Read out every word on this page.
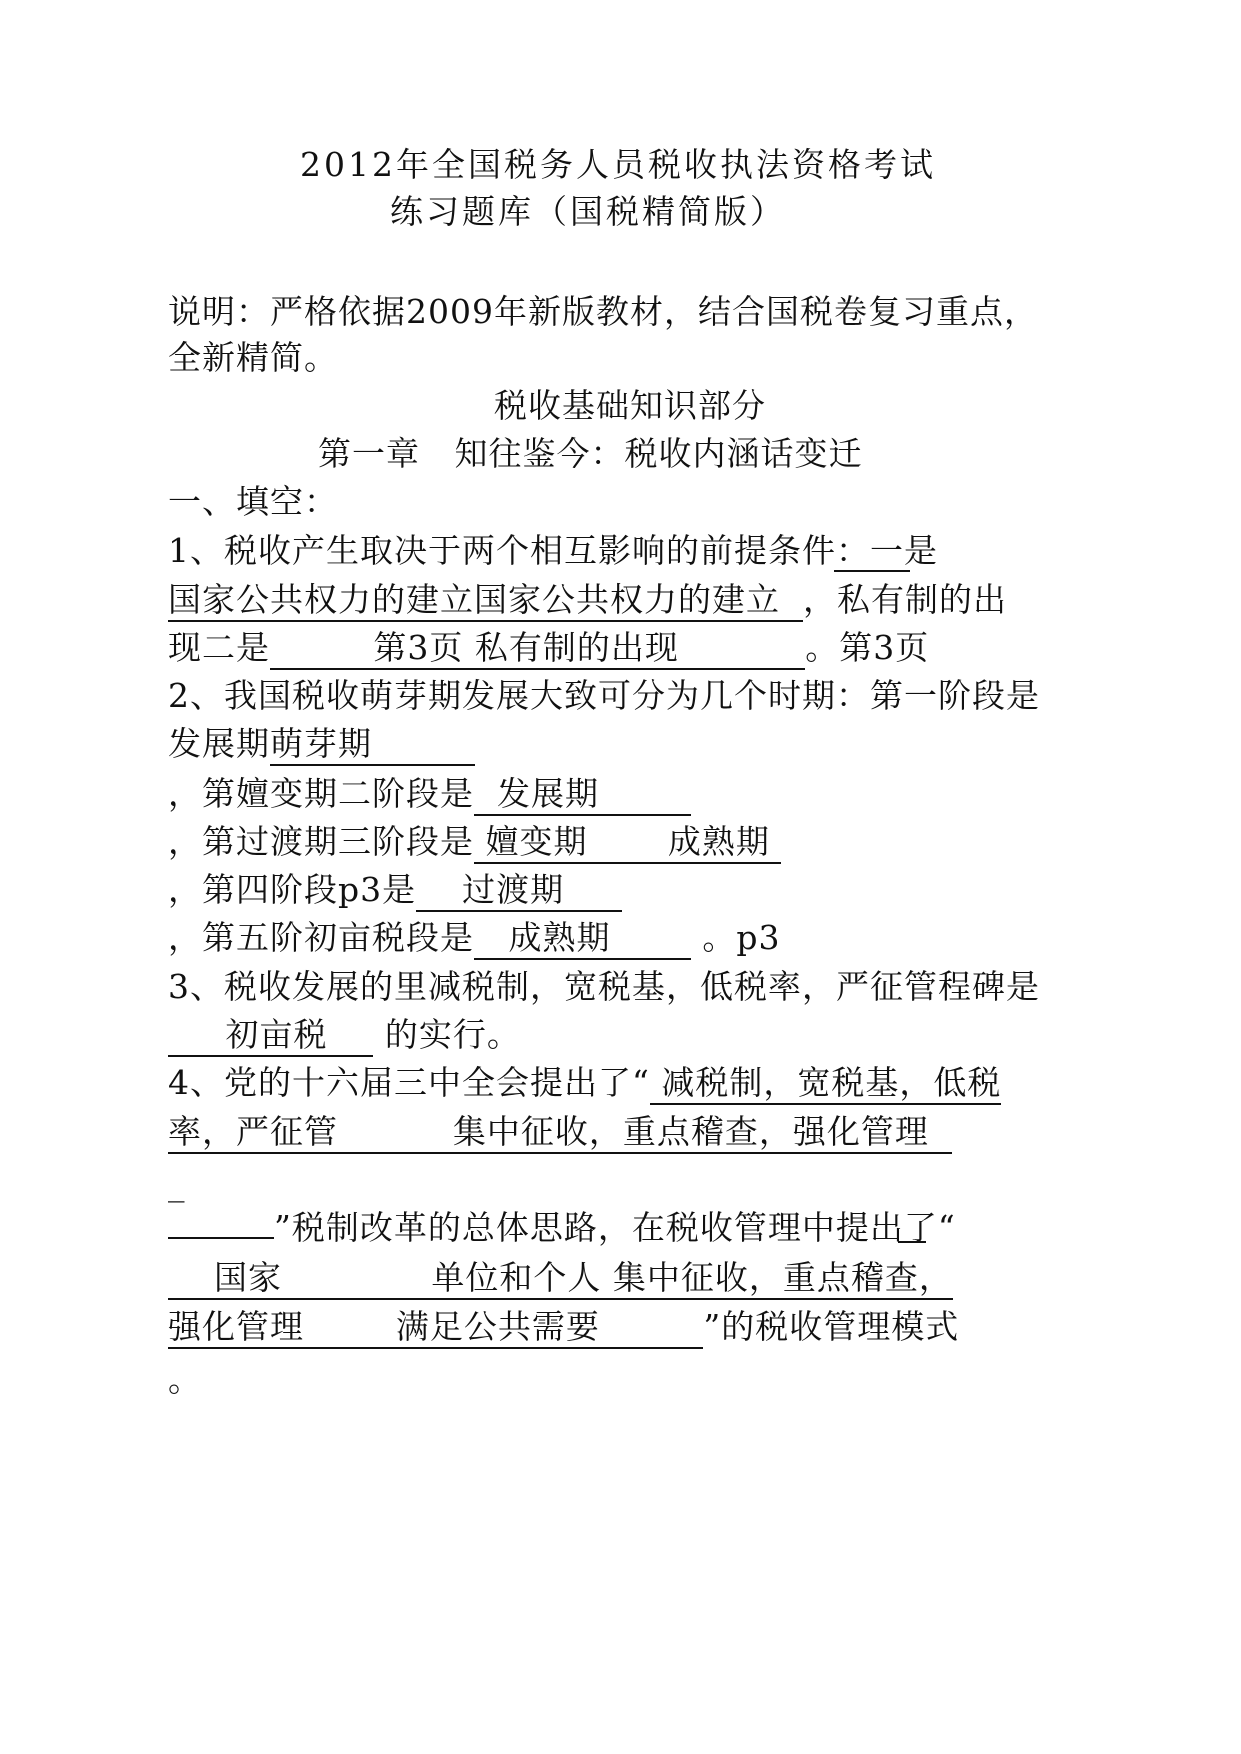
2012年全国税务人员税收执法资格考试
练习题库（国税精简版）
说明：严格依据2009年新版教材，结合国税卷复习重点，
全新精简。
税收基础知识部分
第一章   知往鉴今：税收内涵话变迁
一、填空：
1、税收产生取决于两个相互影响的前提条件：一是
国家公共权力的建立国家公共权力的建立  ，私有制的出
现二是         第3页 私有制的出现           。第3页
2、我国税收萌芽期发展大致可分为几个时期：第一阶段是
发展期萌芽期
，第嬗变期二阶段是  发展期
，第过渡期三阶段是 嬗变期       成熟期
，第四阶段p3是    过渡期
，第五阶初亩税段是   成熟期        。p3
3、税收发展的里减税制，宽税基，低税率，严征管程碑是
初亩税     的实行。
4、党的十六届三中全会提出了“ 减税制，宽税基，低税
率，严征管          集中征收，重点稽查，强化管理
_
”税制改革的总体思路，在税收管理中提出了“
国家             单位和个人 集中征收，重点稽查，
强化管理        满足公共需要         ”的税收管理模式
。
